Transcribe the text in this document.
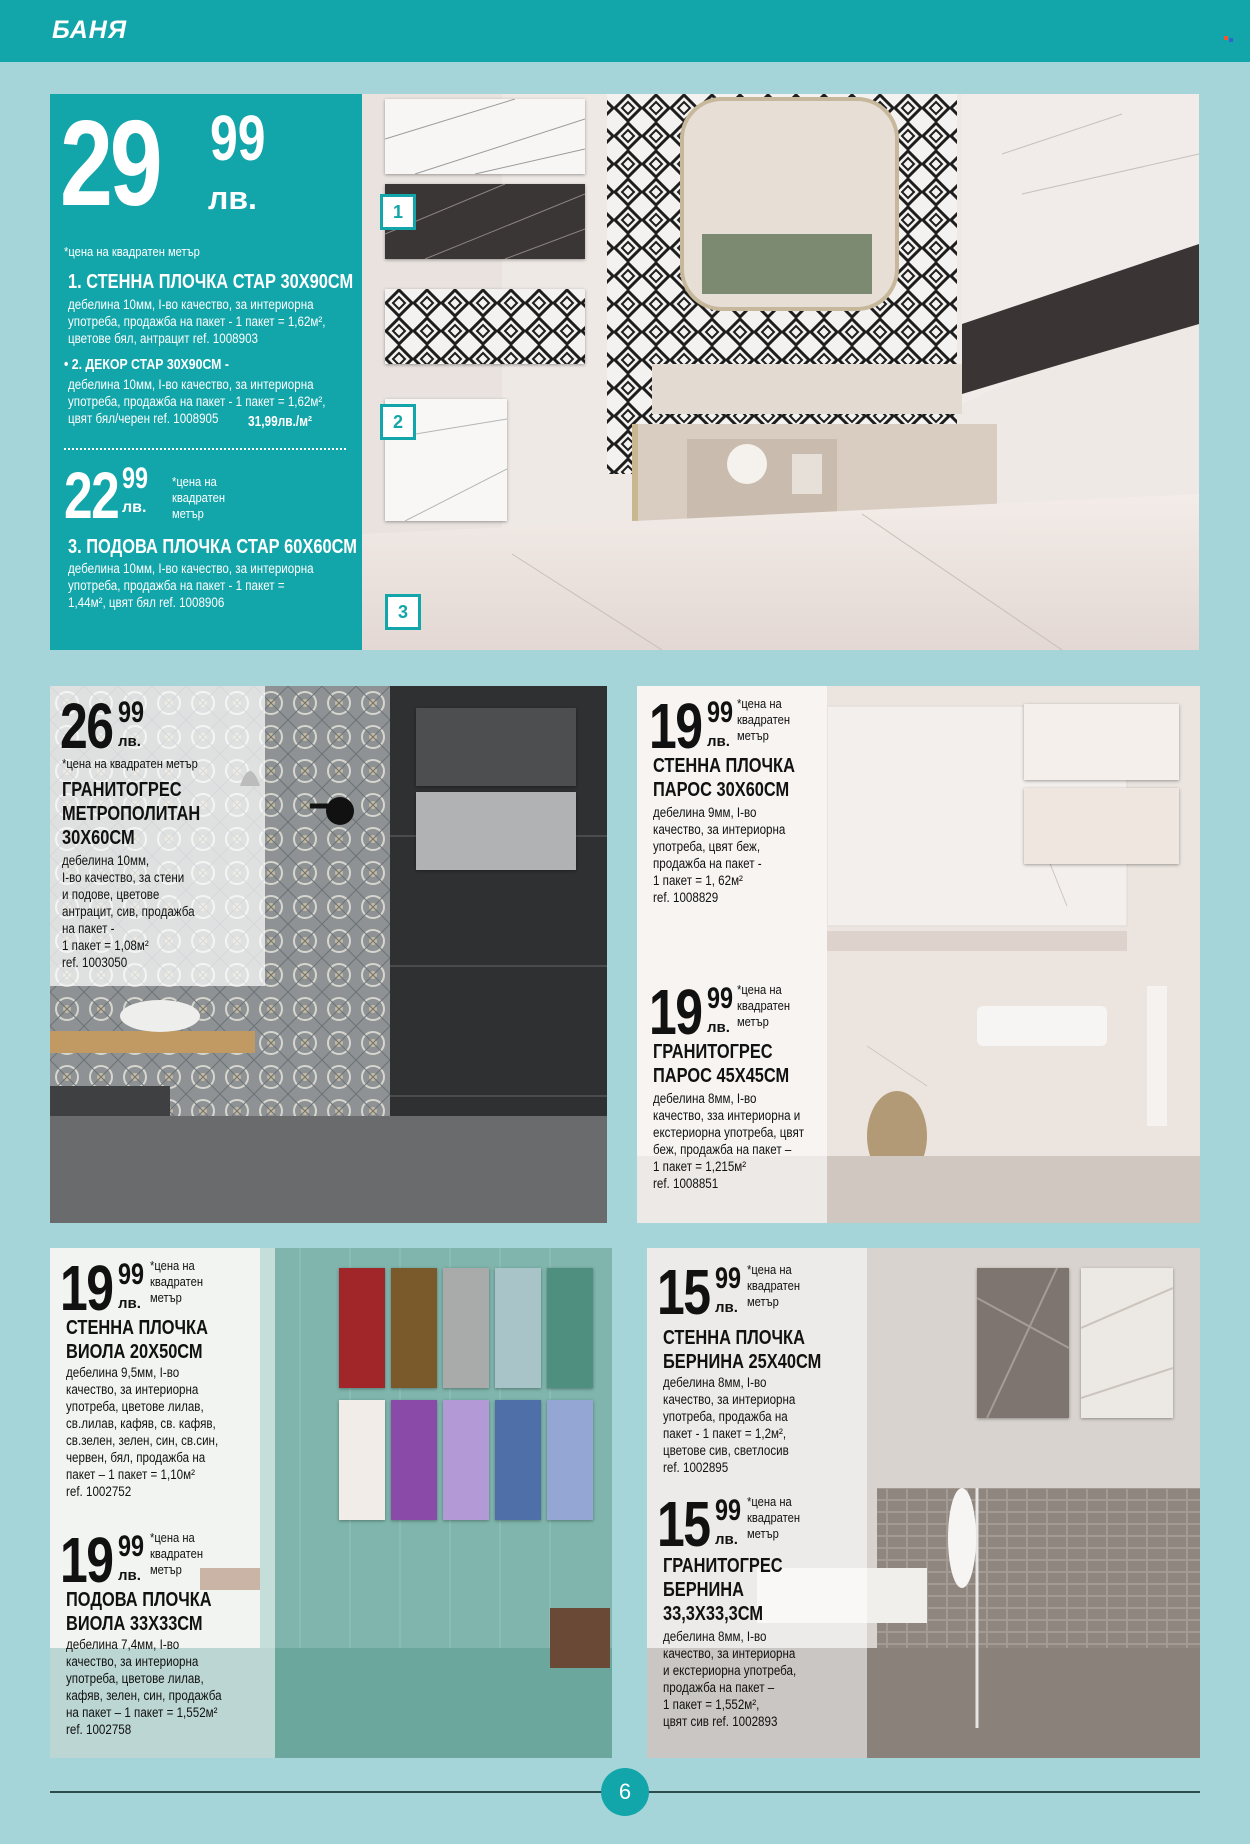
БАНЯ
29 99
лв.
*цена на квадратен метър
1. СТЕННА ПЛОЧКА СТАР 30Х90СМ
дебелина 10мм, I-во качество, за интериорна
употреба, продажба на пакет - 1 пакет = 1,62м²,
цветове бял, антрацит ref. 1008903
• 2. ДЕКОР СТАР 30Х90СМ -
дебелина 10мм, I-во качество, за интериорна
употреба, продажба на пакет - 1 пакет = 1,62м²,
цвят бял/черен ref. 1008905	31,99лв./м²
22 99
лв.
*цена на квадратен метър
3. ПОДОВА ПЛОЧКА СТАР 60Х60СМ
дебелина 10мм, I-во качество, за интериорна
употреба, продажба на пакет - 1 пакет =
1,44м², цвят бял ref. 1008906
1
2
3
26 99
лв.
*цена на квадратен метър
ГРАНИТОГРЕС
МЕТРОПОЛИТАН
30Х60СМ
дебелина 10мм,
I-во качество, за стени
и подове, цветове
антрацит, сив, продажба
на пакет -
1 пакет = 1,08м²
ref. 1003050
19 99
лв.
*цена на квадратен метър
СТЕННА ПЛОЧКА
ПАРОС 30Х60СМ
дебелина 9мм, I-во
качество, за интериорна
употреба, цвят беж,
продажба на пакет -
1 пакет = 1, 62м²
ref. 1008829
19 99
лв.
*цена на квадратен метър
ГРАНИТОГРЕС
ПАРОС 45Х45СМ
дебелина 8мм, I-во
качество, зза интериорна и
екстериорна употреба, цвят
беж, продажба на пакет –
1 пакет = 1,215м²
ref. 1008851
19 99
лв.
*цена на квадратен метър
СТЕННА ПЛОЧКА
ВИОЛА 20Х50СМ
дебелина 9,5мм, I-во
качество, за интериорна
употреба, цветове лилав,
св.лилав, кафяв, св. кафяв,
св.зелен, зелен, син, св.син,
червен, бял, продажба на
пакет – 1 пакет = 1,10м²
ref. 1002752
19 99
лв.
*цена на квадратен метър
ПОДОВА ПЛОЧКА
ВИОЛА 33Х33СМ
дебелина 7,4мм, I-во
качество, за интериорна
употреба, цветове лилав,
кафяв, зелен, син, продажба
на пакет – 1 пакет = 1,552м²
ref. 1002758
15 99
лв.
*цена на квадратен метър
СТЕННА ПЛОЧКА
БЕРНИНА 25Х40СМ
дебелина 8мм, I-во
качество, за интериорна
употреба, продажба на
пакет - 1 пакет = 1,2м²,
цветове сив, светлосив
ref. 1002895
15 99
лв.
*цена на квадратен метър
ГРАНИТОГРЕС
БЕРНИНА
33,3Х33,3СМ
дебелина 8мм, I-во
качество, за интериорна
и екстериорна употреба,
продажба на пакет –
1 пакет = 1,552м²,
цвят сив ref. 1002893
6
